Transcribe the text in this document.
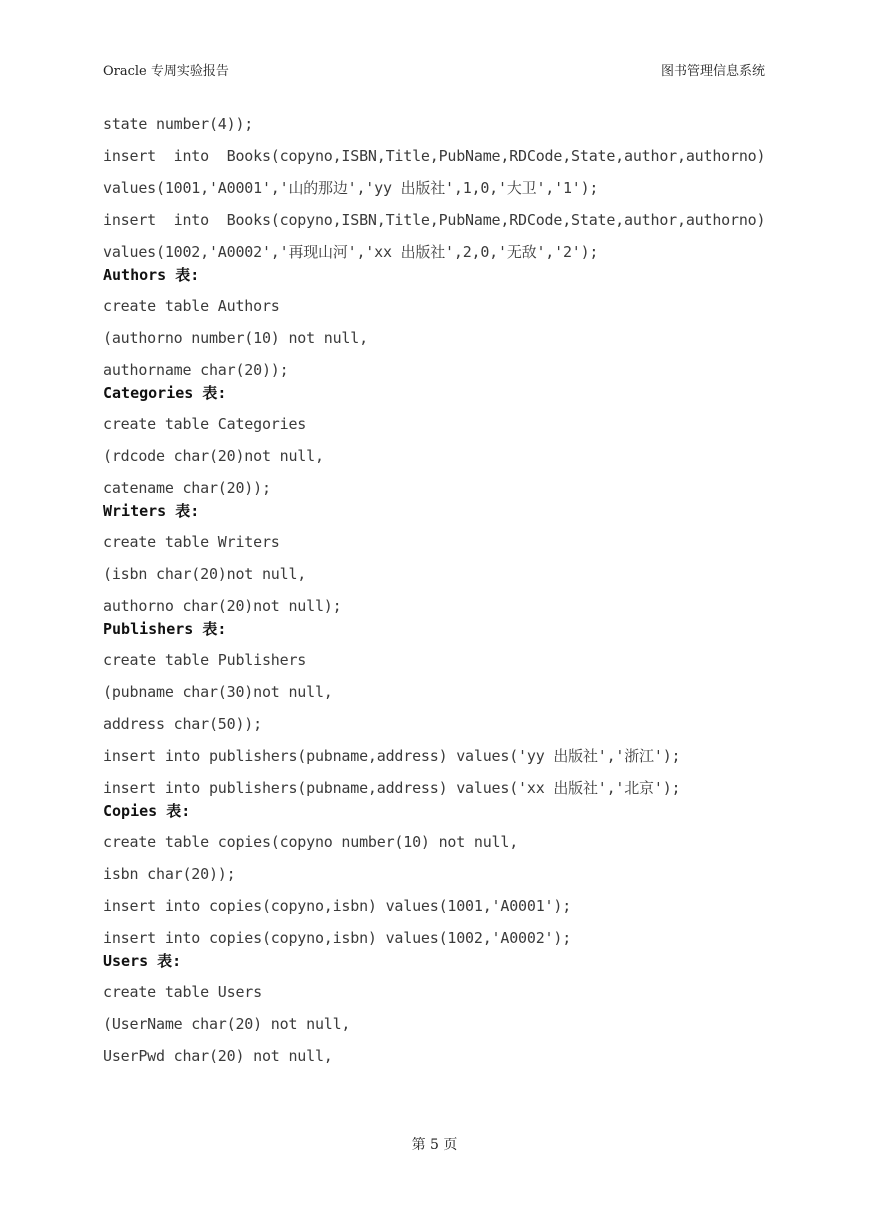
Oracle 专周实验报告	图书管理信息系统
state number(4));
insert  into  Books(copyno,ISBN,Title,PubName,RDCode,State,author,authorno)
values(1001,'A0001','山的那边','yy 出版社',1,0,'大卫','1');
insert  into  Books(copyno,ISBN,Title,PubName,RDCode,State,author,authorno)
values(1002,'A0002','再现山河','xx 出版社',2,0,'无敌','2');
Authors 表:
create table Authors
(authorno number(10) not null,
authorname char(20));
Categories 表:
create table Categories
(rdcode char(20)not null,
catename char(20));
Writers 表:
create table Writers
(isbn char(20)not null,
authorno char(20)not null);
Publishers 表:
create table Publishers
(pubname char(30)not null,
address char(50));
insert into publishers(pubname,address) values('yy 出版社','浙江');
insert into publishers(pubname,address) values('xx 出版社','北京');
Copies 表:
create table copies(copyno number(10) not null,
isbn char(20));
insert into copies(copyno,isbn) values(1001,'A0001');
insert into copies(copyno,isbn) values(1002,'A0002');
Users 表:
create table Users
(UserName char(20) not null,
UserPwd char(20) not null,
第 5 页
